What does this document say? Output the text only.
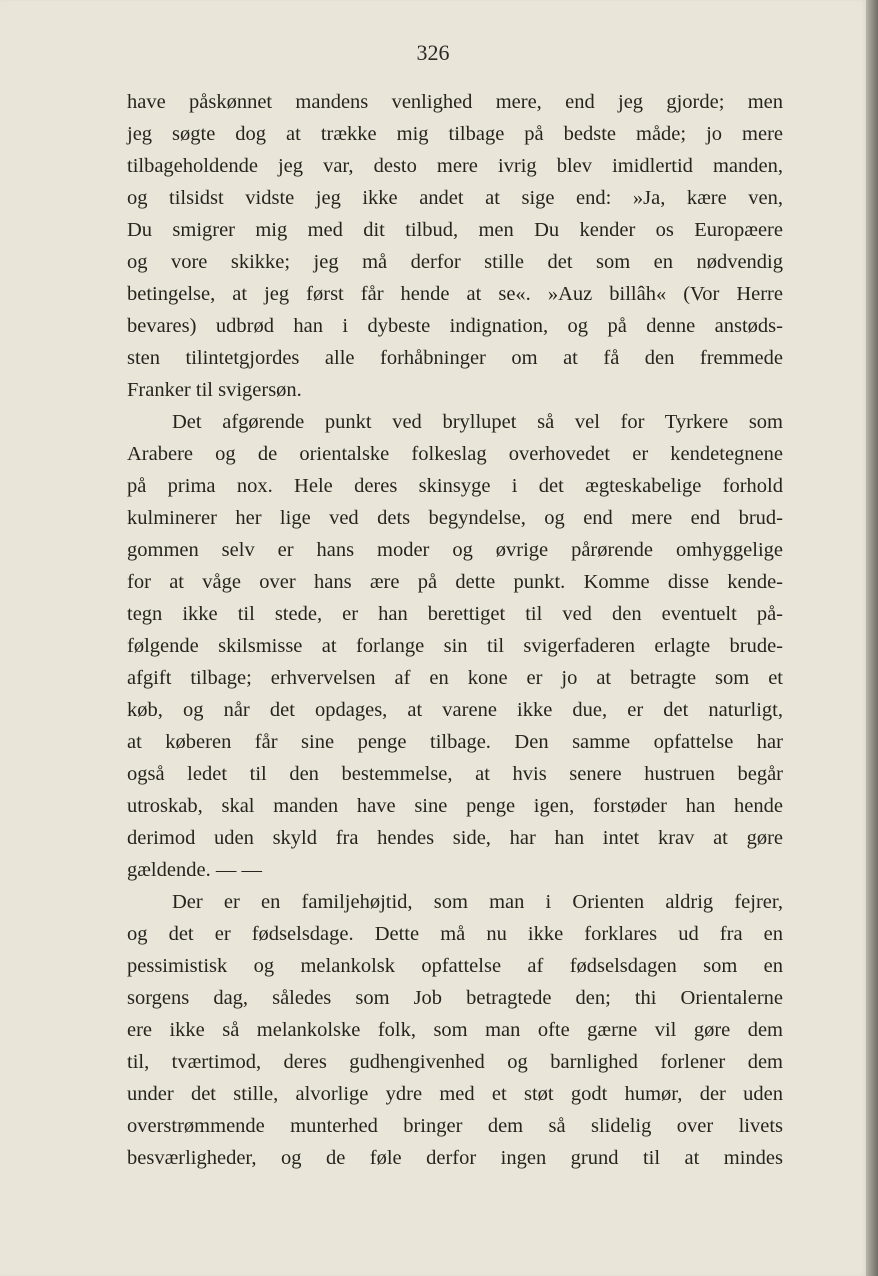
326
have påskønnet mandens venlighed mere, end jeg gjorde; men
jeg søgte dog at trække mig tilbage på bedste måde; jo mere
tilbageholdende jeg var, desto mere ivrig blev imidlertid manden,
og tilsidst vidste jeg ikke andet at sige end: »Ja, kære ven,
Du smigrer mig med dit tilbud, men Du kender os Europæere
og vore skikke; jeg må derfor stille det som en nødvendig
betingelse, at jeg først får hende at se«. »Auz billâh« (Vor Herre
bevares) udbrød han i dybeste indignation, og på denne anstøds-
sten tilintetgjordes alle forhåbninger om at få den fremmede
Franker til svigersøn.
Det afgørende punkt ved bryllupet så vel for Tyrkere som
Arabere og de orientalske folkeslag overhovedet er kendetegnene
på prima nox. Hele deres skinsyge i det ægteskabelige forhold
kulminerer her lige ved dets begyndelse, og end mere end brud-
gommen selv er hans moder og øvrige pårørende omhyggelige
for at våge over hans ære på dette punkt. Komme disse kende-
tegn ikke til stede, er han berettiget til ved den eventuelt på-
følgende skilsmisse at forlange sin til svigerfaderen erlagte brude-
afgift tilbage; erhvervelsen af en kone er jo at betragte som et
køb, og når det opdages, at varene ikke due, er det naturligt,
at køberen får sine penge tilbage. Den samme opfattelse har
også ledet til den bestemmelse, at hvis senere hustruen begår
utroskab, skal manden have sine penge igen, forstøder han hende
derimod uden skyld fra hendes side, har han intet krav at gøre
gældende. — —
Der er en familjehøjtid, som man i Orienten aldrig fejrer,
og det er fødselsdage. Dette må nu ikke forklares ud fra en
pessimistisk og melankolsk opfattelse af fødselsdagen som en
sorgens dag, således som Job betragtede den; thi Orientalerne
ere ikke så melankolske folk, som man ofte gærne vil gøre dem
til, tværtimod, deres gudhengivenhed og barnlighed forlener dem
under det stille, alvorlige ydre med et støt godt humør, der uden
overstrømmende munterhed bringer dem så slidelig over livets
besværligheder, og de føle derfor ingen grund til at mindes
